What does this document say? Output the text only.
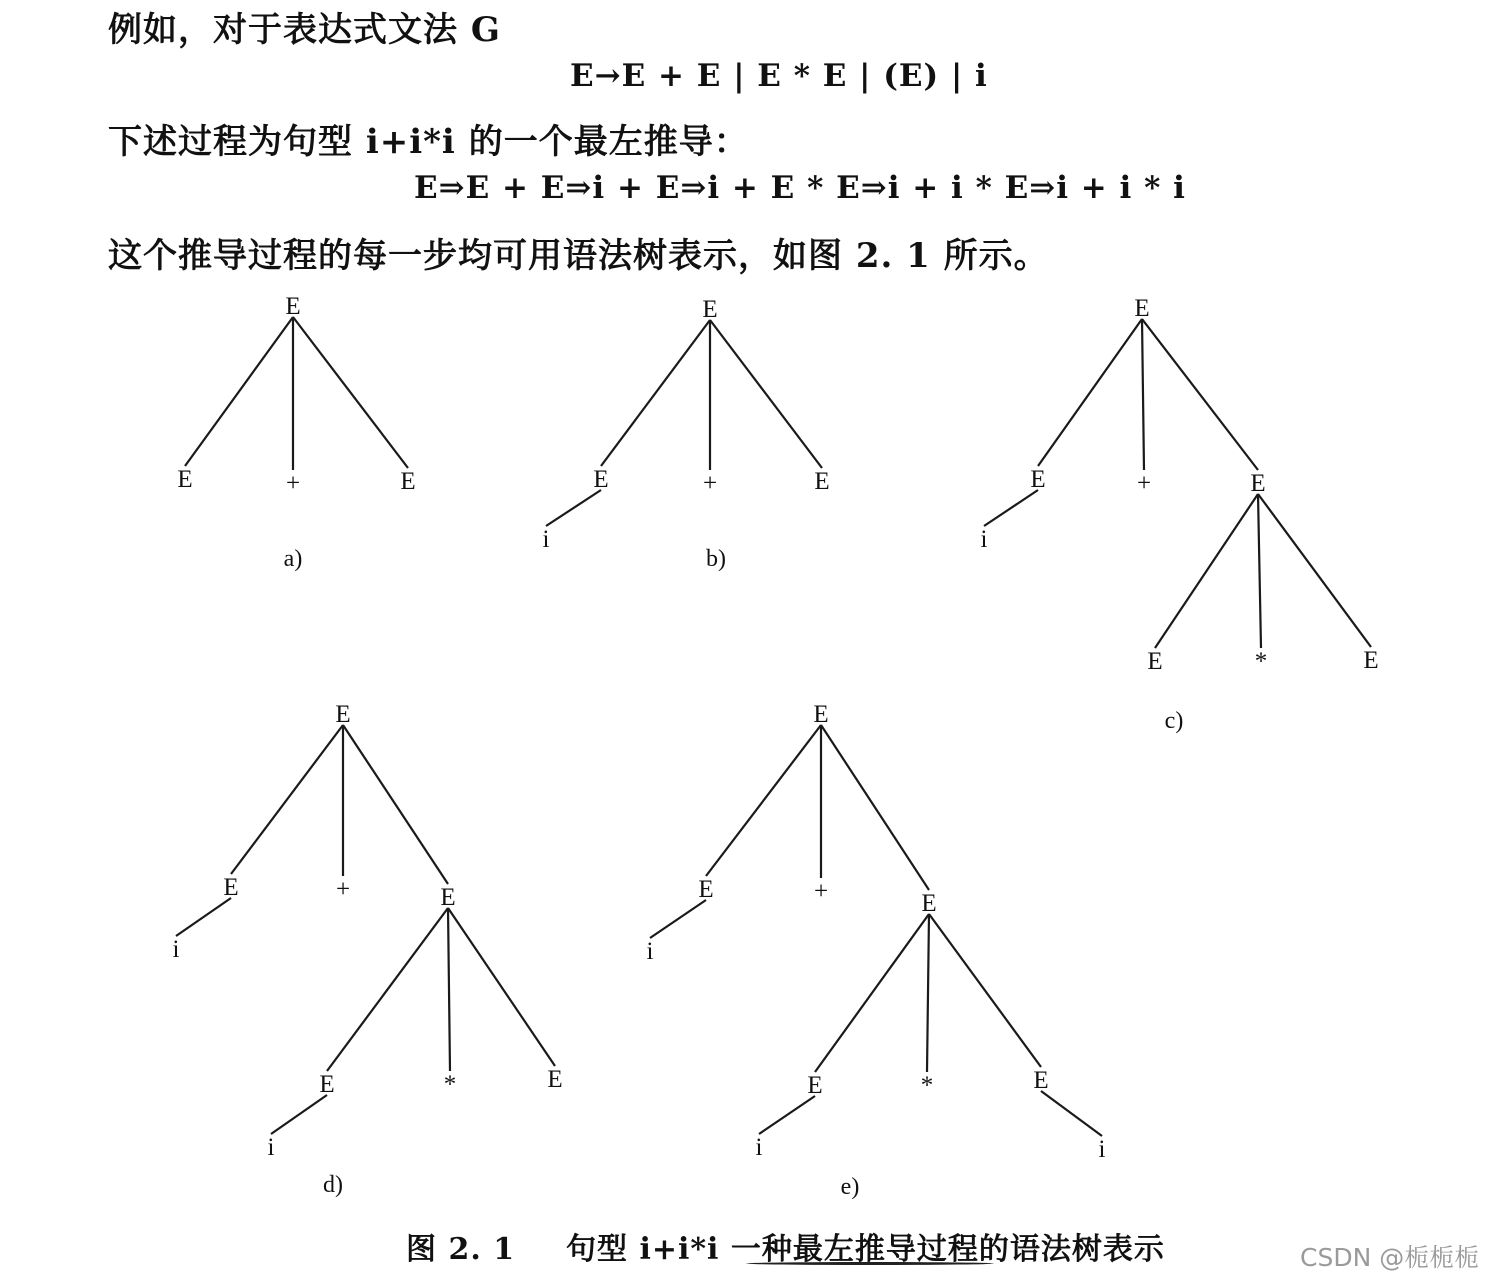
例如，对于表达式文法 G
E→E + E | E * E | (E) | i
下述过程为句型 i+i*i 的一个最左推导：
E⇒E + E⇒i + E⇒i + E * E⇒i + i * E⇒i + i * i
这个推导过程的每一步均可用语法树表示，如图 2. 1 所示。
E
E	+	E
a)
E
E
i
+	E
b)
E
E
i
+	E
E	*	E
c)
E
E
i
+	E
E
i
*	E
d)
E
E
i
+	E
E
i
*	E
i
e)
图 2. 1 句型 i+i*i 一种最左推导过程的语法树表示	CSDN @栀栀栀
